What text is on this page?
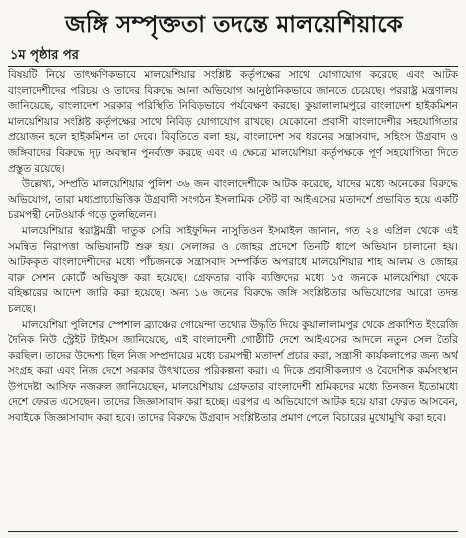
জঙ্গি সম্পৃক্ততা তদন্তে মালয়েশিয়াকে
১ম পৃষ্ঠার পর

বিষয়টি নিয়ে তাৎক্ষণিকভাবে মালয়েশিয়ার সংশ্লিষ্ট কর্তৃপক্ষের সাথে যোগাযোগ করেছে এবং আটক বাংলাদেশীদের পরিচয় ও তাদের বিরুদ্ধে আনা অভিযোগ আনুষ্ঠানিকভাবে জানতে চেয়েছে। পররাষ্ট্র মন্ত্রণালয় জানিয়েছে, বাংলাদেশ সরকার পরিস্থিতি নিবিড়ভাবে পর্যবেক্ষণ করছে। কুয়ালালামপুরে বাংলাদেশ হাইকমিশন মালয়েশিয়ার সংশ্লিষ্ট কর্তৃপক্ষের সাথে নিবিড় যোগাযোগ রাখছে। যেকোনো প্রবাসী বাংলাদেশীর সহযোগিতার প্রয়োজন হলে হাইকমিশন তা দেবে। বিবৃতিতে বলা হয়, বাংলাদেশ সব ধরনের সন্ত্রাসবাদ, সহিংস উগ্রবাদ ও জঙ্গিবাদের বিরুদ্ধে দৃঢ় অবস্থান পুনর্ব্যক্ত করছে এবং এ ক্ষেত্রে মালয়েশিয়া কর্তৃপক্ষকে পূর্ণ সহযোগিতা দিতে প্রস্তুত রয়েছে।

উল্লেখ্য, সম্প্রতি মালয়েশিয়ার পুলিশ ৩৬ জন বাংলাদেশীকে আটক করেছে, যাদের মধ্যে অনেকের বিরুদ্ধে অভিযোগ, তারা মধ্যপ্রাচ্যভিত্তিক উগ্রবাদী সংগঠন ইসলামিক স্টেট বা আইএসের মতাদর্শে প্রভাবিত হয়ে একটি চরমপন্থী নেটওয়ার্ক গড়ে তুলছিলেন।

মালয়েশিয়ার স্বরাষ্ট্রমন্ত্রী দাতুক সেরি সাইফুদ্দিন নাসুতিওন ইসমাইল জানান, গত ২৪ এপ্রিল থেকে এই সমন্বিত নিরাপত্তা অভিযানটি শুরু হয়। সেলাঙ্গর ও জোহর প্রদেশে তিনটি ধাপে অভিযান চালানো হয়। আটককৃত বাংলাদেশীদের মধ্যে পাঁচজনকে সন্ত্রাসবাদ সম্পর্কিত অপরাধে মালয়েশিয়ার শাহ আলম ও জোহর বারু সেশন কোর্টে অভিযুক্ত করা হয়েছে। গ্রেফতার বাকি ব্যক্তিদের মধ্যে ১৫ জনকে মালয়েশিয়া থেকে বহিষ্কারের আদেশ জারি করা হয়েছে। অন্য ১৬ জনের বিরুদ্ধে জঙ্গি সংশ্লিষ্টতার অভিযোগের আরো তদন্ত চলছে।

মালয়েশিয়া পুলিশের স্পেশাল ব্র্যাঞ্চের গোয়েন্দা তথ্যের উদ্ধৃতি দিয়ে কুয়ালালামপুর থেকে প্রকাশিত ইংরেজি দৈনিক নিউ স্ট্রেইট টাইমস জানিয়েছে, এই বাংলাদেশী গোষ্ঠীটি দেশে আইএসের আদলে নতুন সেল তৈরি করছিল। তাদের উদ্দেশ্য ছিল নিজ সম্প্রদায়ের মধ্যে চরমপন্থী মতাদর্শ প্রচার করা, সন্ত্রাসী কার্যকলাপের জন্য অর্থ সংগ্রহ করা এবং নিজ দেশে সরকার উৎখাতের পরিকল্পনা করা। এ দিকে প্রবাসীকল্যাণ ও বৈদেশিক কর্মসংস্থান উপদেষ্টা আসিফ নজরুল জানিয়েছেন, মালয়েশিয়ায় গ্রেফতার বাংলাদেশী শ্রমিকদের মধ্যে তিনজন ইতোমধ্যে দেশে ফেরত এসেছেন। তাদের জিজ্ঞাসাবাদ করা হচ্ছে। এরপর এ অভিযোগে আটক হয়ে যারা ফেরত আসবেন, সবাইকে জিজ্ঞাসাবাদ করা হবে। তাদের বিরুদ্ধে উগ্রবাদ সংশ্লিষ্টতার প্রমাণ পেলে বিচারের মুখোমুখি করা হবে।
